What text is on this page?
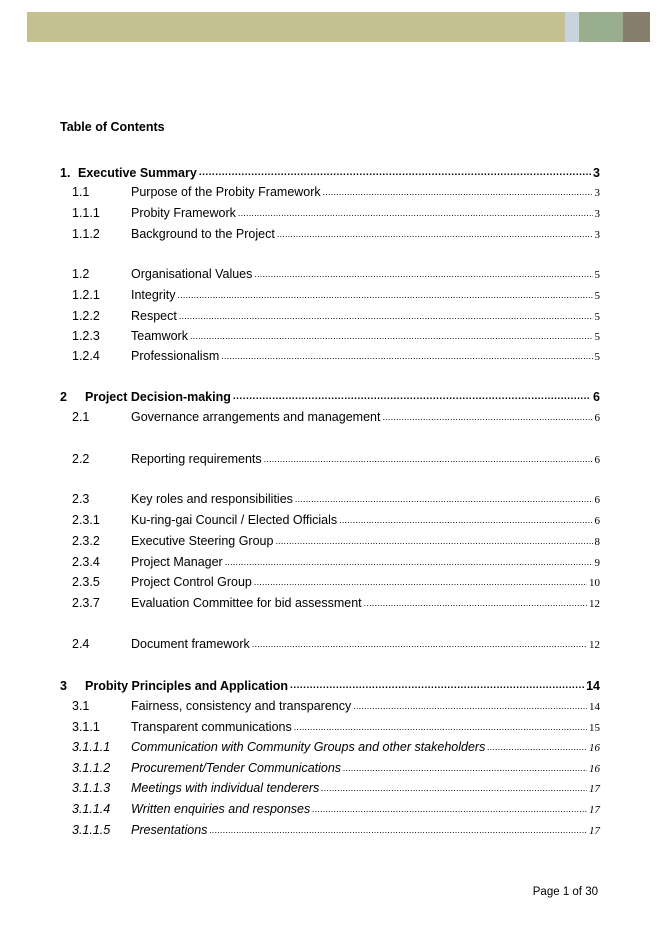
Table of Contents
1. Executive Summary .....	3
1.1	Purpose of the Probity Framework .....	3
1.1.1	Probity Framework .....	3
1.1.2	Background to the Project .....	3
1.2	Organisational Values .....	5
1.2.1	Integrity .....	5
1.2.2	Respect .....	5
1.2.3	Teamwork .....	5
1.2.4	Professionalism .....	5
2	Project Decision-making .....	6
2.1	Governance arrangements and management .....	6
2.2	Reporting requirements .....	6
2.3	Key roles and responsibilities .....	6
2.3.1	Ku-ring-gai Council / Elected Officials .....	6
2.3.2	Executive Steering Group .....	8
2.3.4	Project Manager .....	9
2.3.5	Project Control Group .....	10
2.3.7	Evaluation Committee for bid assessment .....	12
2.4	Document framework .....	12
3	Probity Principles and Application .....	14
3.1	Fairness, consistency and transparency .....	14
3.1.1	Transparent communications .....	15
3.1.1.1	Communication with Community Groups and other stakeholders .....	16
3.1.1.2	Procurement/Tender Communications .....	16
3.1.1.3	Meetings with individual tenderers .....	17
3.1.1.4	Written enquiries and responses .....	17
3.1.1.5	Presentations .....	17
Page 1 of 30
